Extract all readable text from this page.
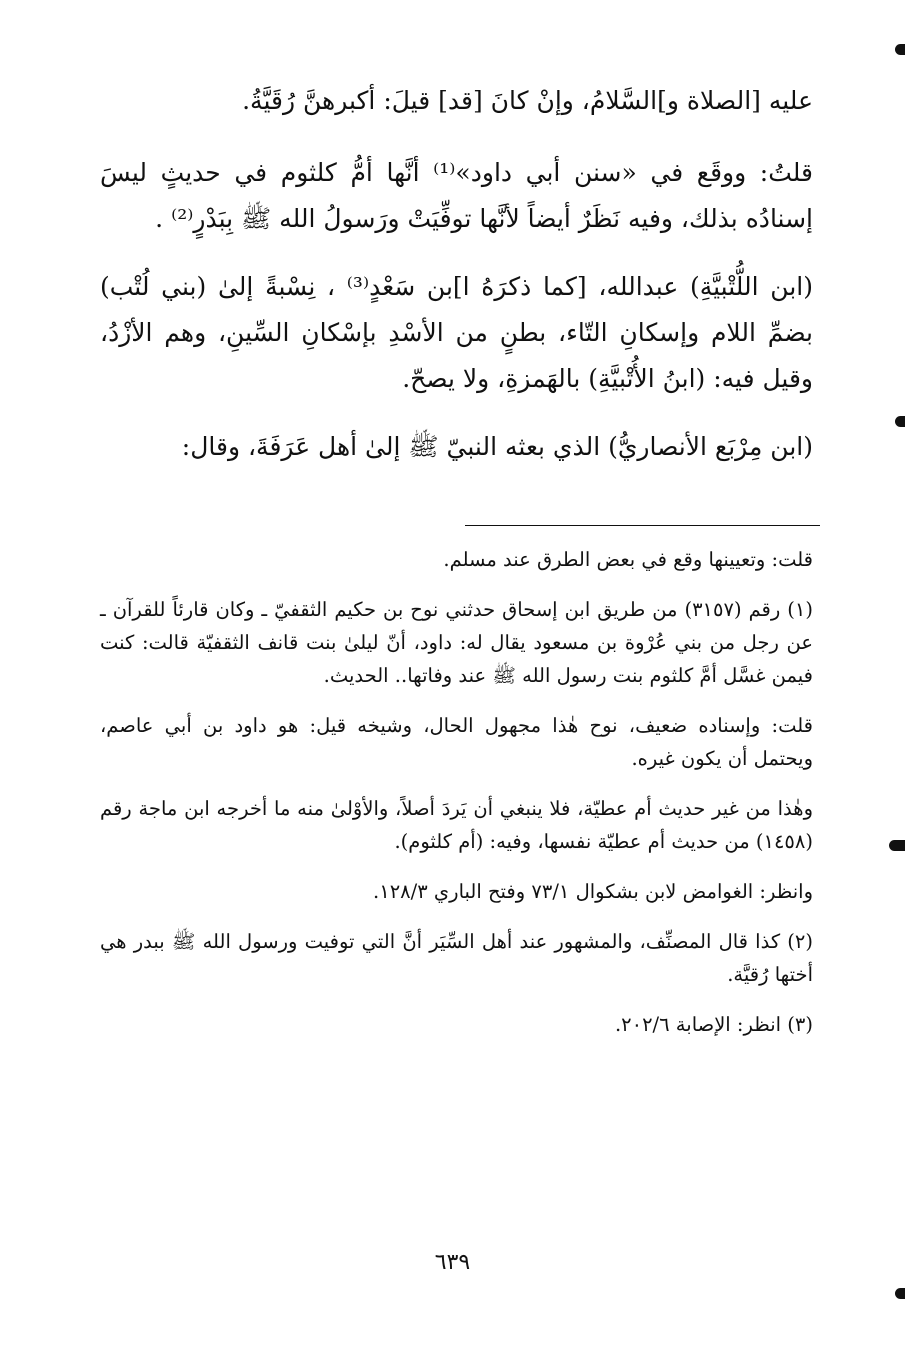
عليه [الصلاة و]السَّلامُ، وإنْ كانَ [قد] قيلَ: أكبرهنَّ رُقَيَّةُ.

قلتُ: ووقَع في «سنن أبي داود»⁽¹⁾ أنَّها أمُّ كلثوم في حديثٍ ليسَ إسنادُه بذلك، وفيه نَظَرٌ أيضاً لأنَّها توفِّيَتْ ورَسولُ الله ﷺ بِبَدْرٍ⁽²⁾ .

(ابن اللُّتْبيَّةِ) عبدالله، [كما ذكرَهُ ا]بن سَعْدٍ⁽³⁾ ، نِسْبةً إلىٰ (بني لُتْب) بضمِّ اللام وإسكانِ التّاء، بطنٍ من الأسْدِ بإسْكانِ السِّينِ، وهم الأزْدُ، وقيل فيه: (ابنُ الأُتْبيَّةِ) بالهَمزةِ، ولا يصحّ.

(ابن مِرْبَع الأنصاريُّ) الذي بعثه النبيّ ﷺ إلىٰ أهل عَرَفَةَ، وقال:

قلت: وتعيينها وقع في بعض الطرق عند مسلم.

(١) رقم (٣١٥٧) من طريق ابن إسحاق حدثني نوح بن حكيم الثقفيّ ـ وكان قارئاً للقرآن ـ عن رجل من بني عُرْوة بن مسعود يقال له: داود، أنّ ليلىٰ بنت قانف الثقفيّة قالت: كنت فيمن غسَّل أمَّ كلثوم بنت رسول الله ﷺ عند وفاتها.. الحديث.

قلت: وإسناده ضعيف، نوح هٰذا مجهول الحال، وشيخه قيل: هو داود بن أبي عاصم، ويحتمل أن يكون غيره.

وهٰذا من غير حديث أم عطيّة، فلا ينبغي أن يَردَ أصلاً، والأوْلىٰ منه ما أخرجه ابن ماجة رقم (١٤٥٨) من حديث أم عطيّة نفسها، وفيه: (أم كلثوم).

وانظر: الغوامض لابن بشكوال ٧٣/١ وفتح الباري ١٢٨/٣.

(٢) كذا قال المصنِّف، والمشهور عند أهل السِّيَر أنَّ التي توفيت ورسول الله ﷺ ببدر هي أختها رُقيَّة.

(٣) انظر: الإصابة ٢٠٢/٦.

٦٣٩
